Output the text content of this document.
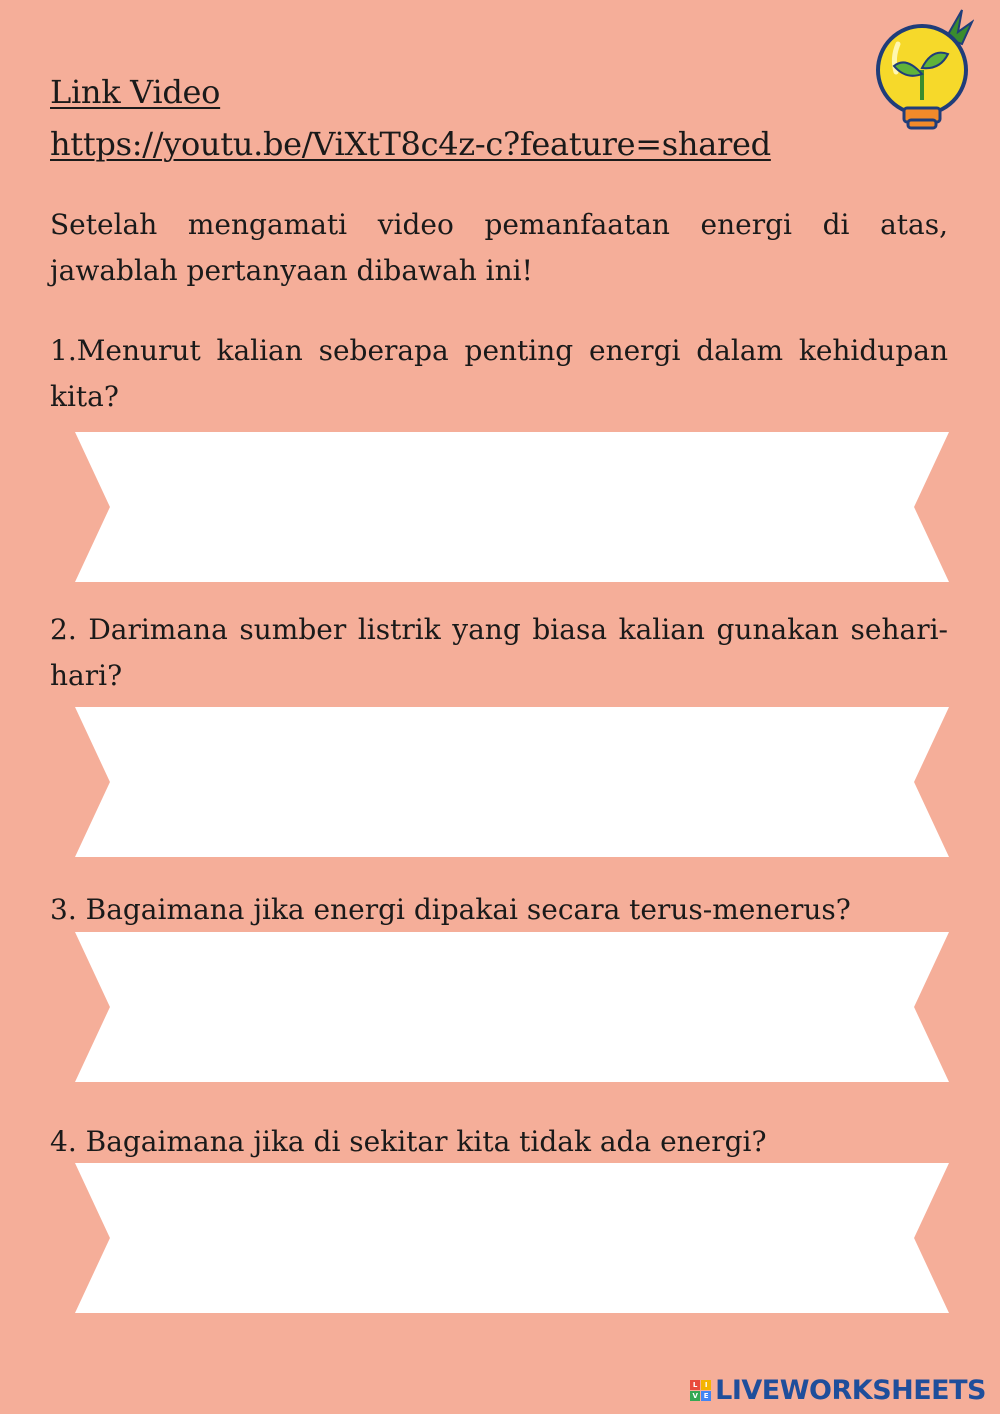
Link Video
https://youtu.be/ViXtT8c4z-c?feature=shared
Setelah mengamati video pemanfaatan energi di atas, jawablah pertanyaan dibawah ini!
1.Menurut kalian seberapa penting energi dalam kehidupan kita?
2. Darimana sumber listrik yang biasa kalian gunakan sehari-hari?
3. Bagaimana jika energi dipakai secara terus-menerus?
4. Bagaimana jika di sekitar kita tidak ada energi?
L	I
V E LIVEWORKSHEETS
